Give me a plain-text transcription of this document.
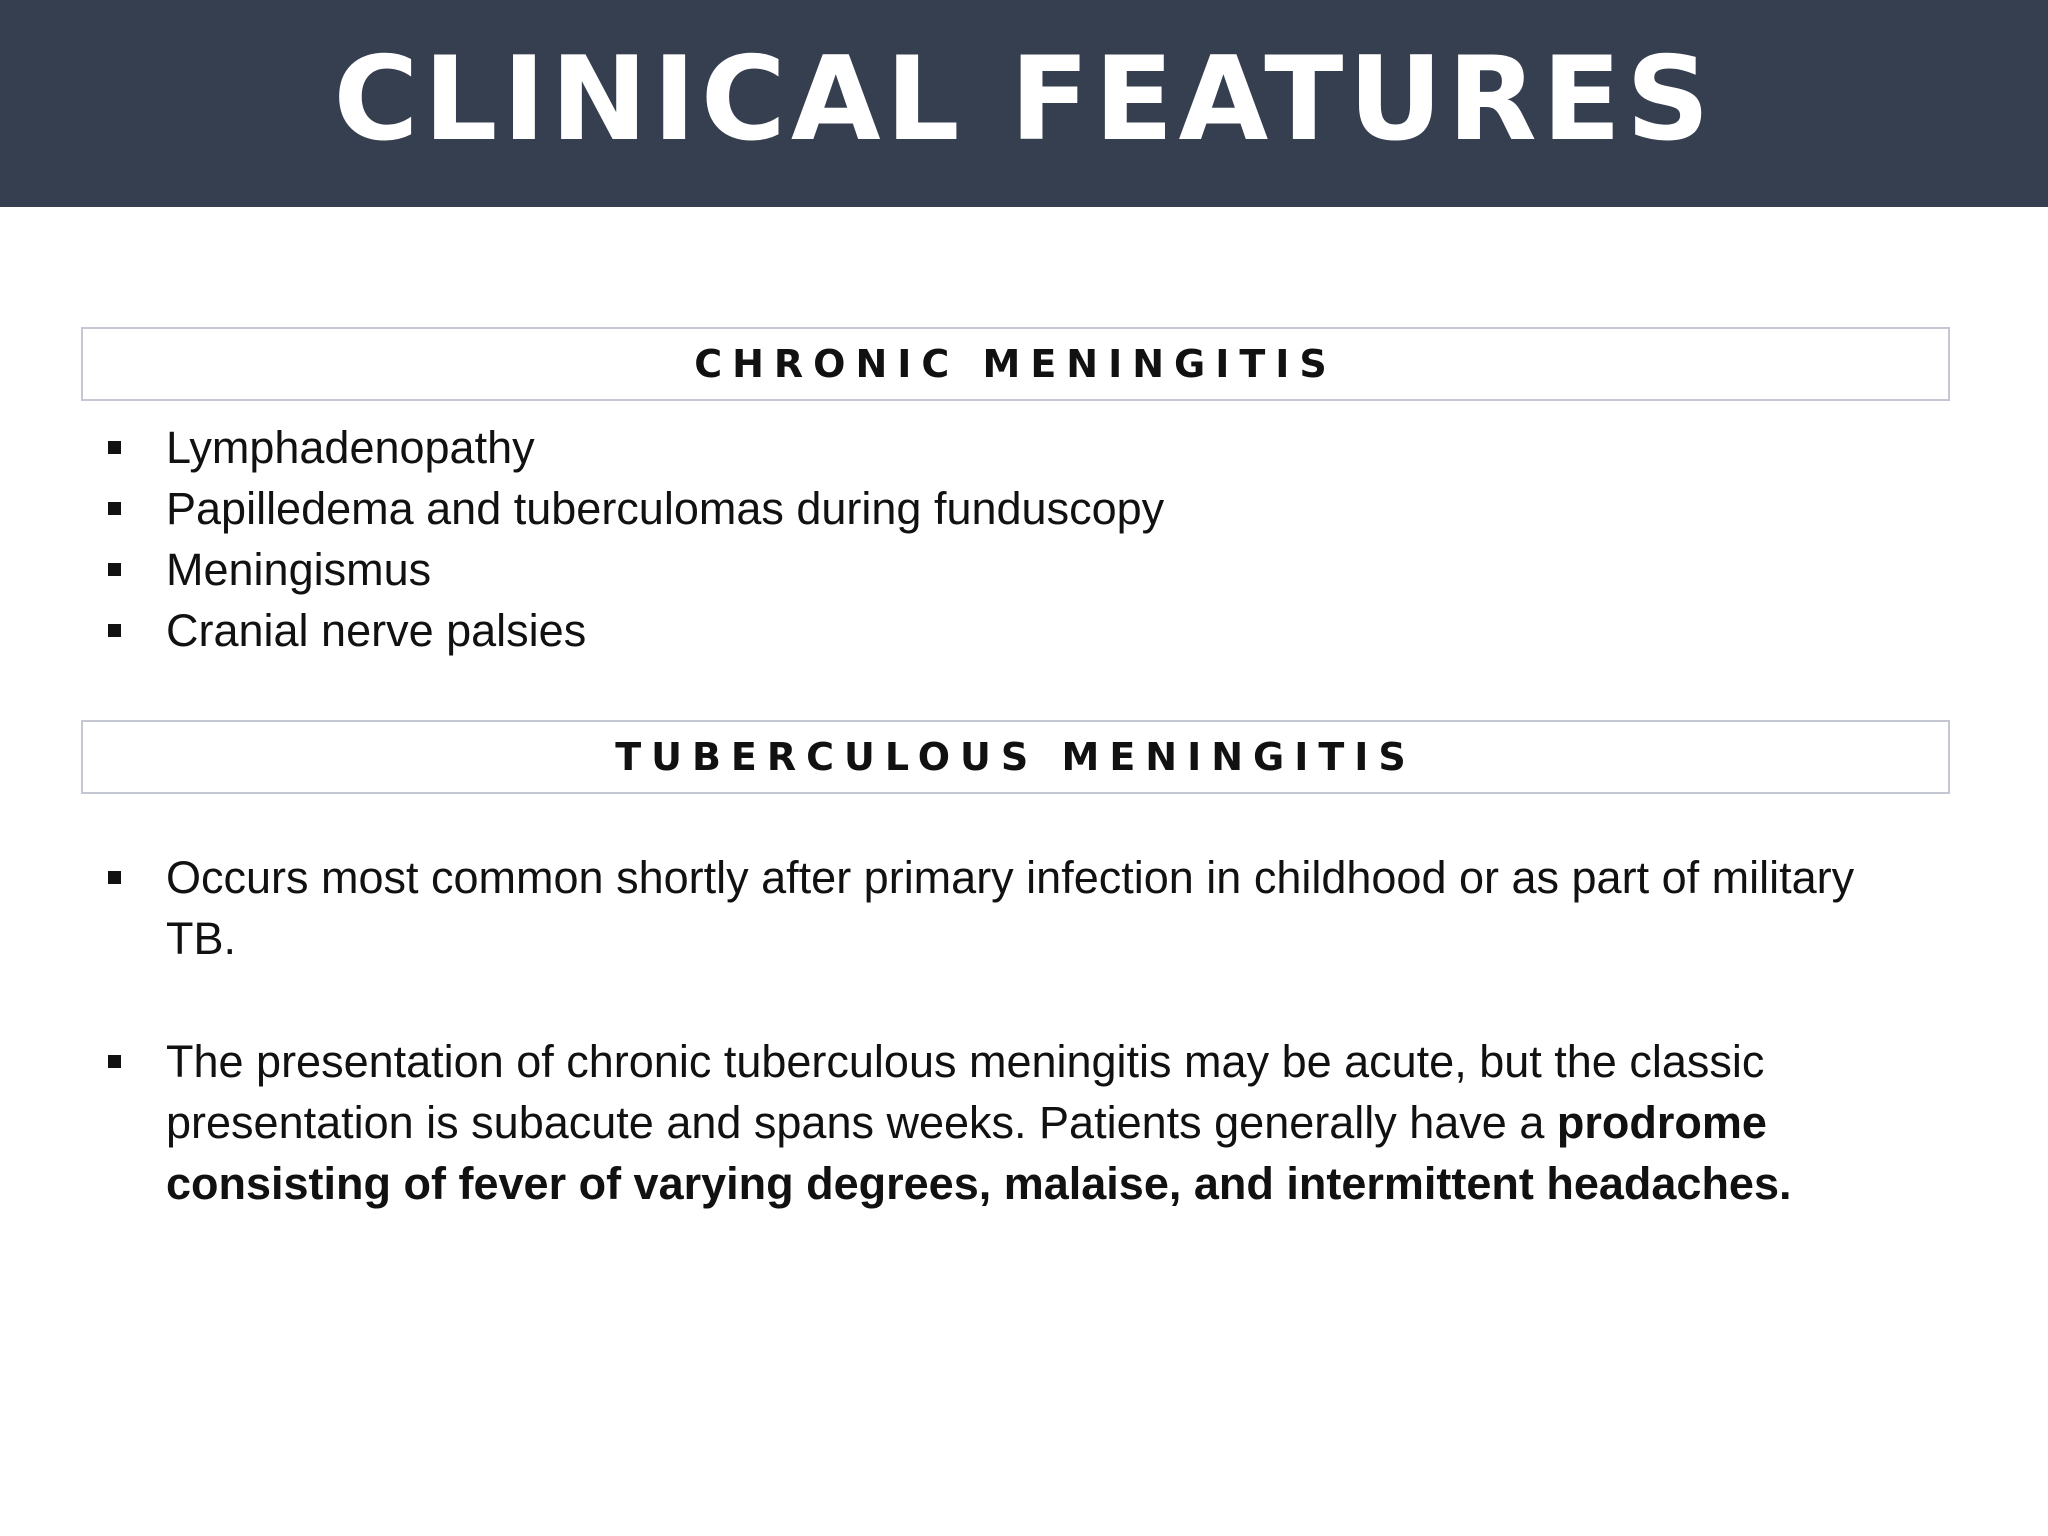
CLINICAL FEATURES
CHRONIC MENINGITIS
Lymphadenopathy
Papilledema and tuberculomas during funduscopy
Meningismus
Cranial nerve palsies
TUBERCULOUS MENINGITIS
Occurs most common shortly after primary infection in childhood or as part of military TB.
The presentation of chronic tuberculous meningitis may be acute, but the classic presentation is subacute and spans weeks. Patients generally have a prodrome consisting of fever of varying degrees, malaise, and intermittent headaches.
